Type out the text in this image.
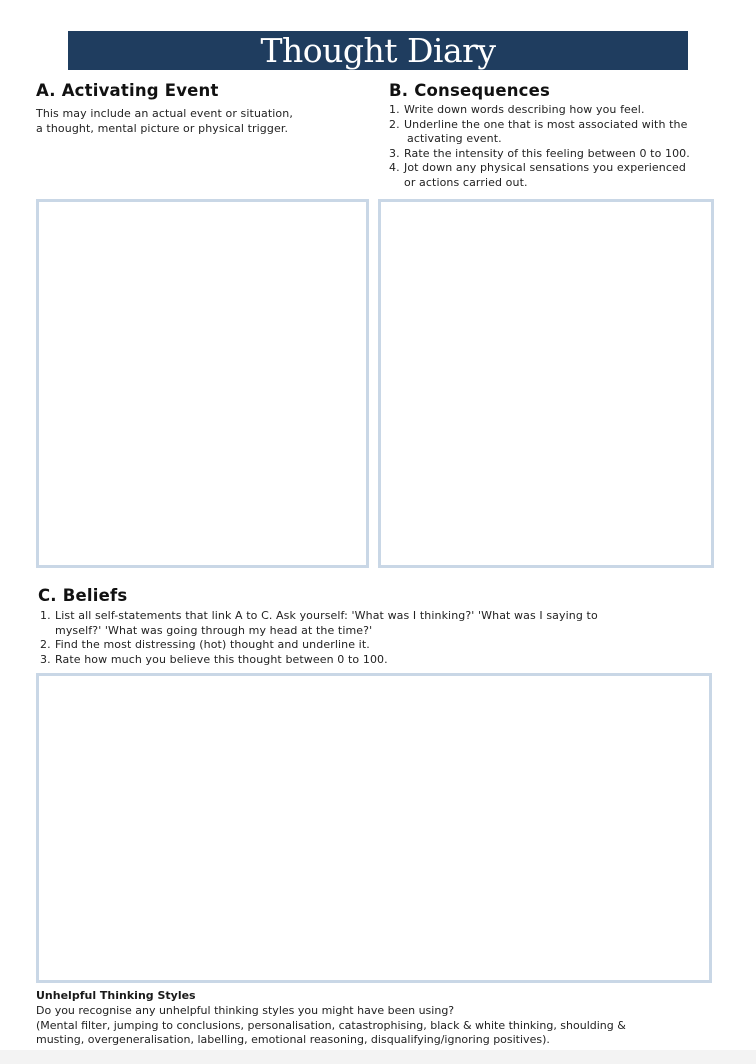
Thought Diary
A. Activating Event

This may include an actual event or situation,

a thought, mental picture or physical trigger.

B. Consequences
1. Write down words describing how you feel.
2. Underline the one that is most associated with the
activating event.
3. Rate the intensity of this feeling between 0 to 100.
4. Jot down any physical sensations you experienced
or actions carried out.
C. Beliefs
1. List all self-statements that link A to C. Ask yourself: 'What was I thinking?' 'What was I saying to
myself?' 'What was going through my head at the time?'
2. Find the most distressing (hot) thought and underline it.
3. Rate how much you believe this thought between 0 to 100.
Unhelpful Thinking Styles

Do you recognise any unhelpful thinking styles you might have been using?

(Mental filter, jumping to conclusions, personalisation, catastrophising, black & white thinking, shoulding &

musting, overgeneralisation, labelling, emotional reasoning, disqualifying/ignoring positives).
